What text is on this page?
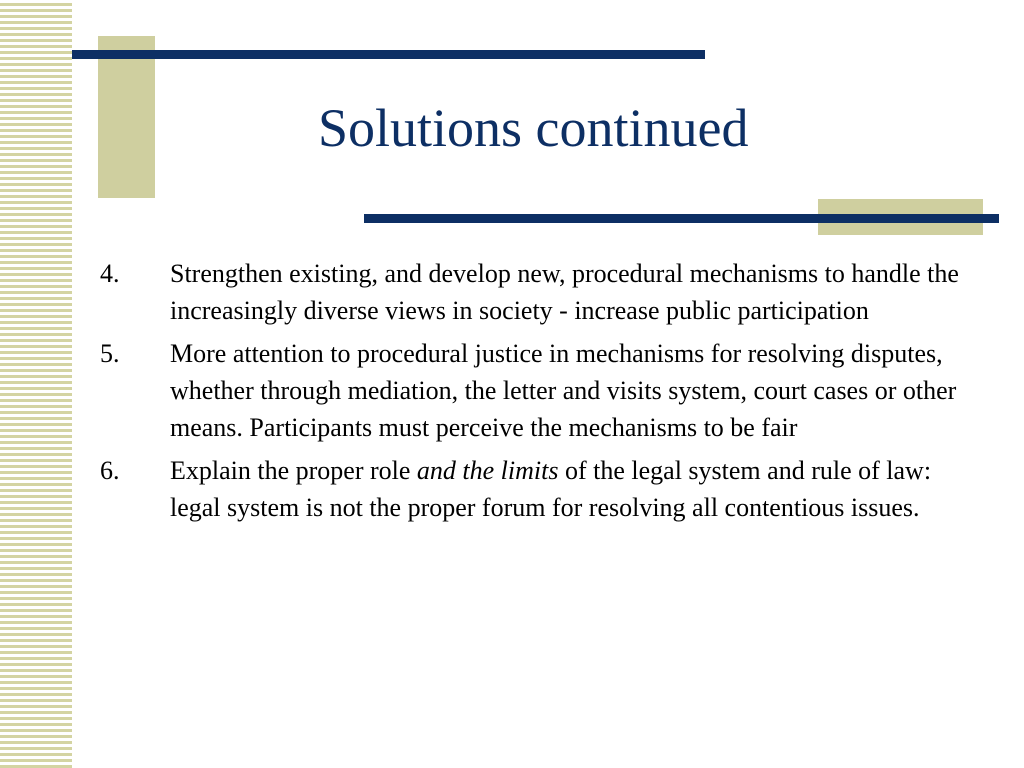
Solutions continued
4. Strengthen existing, and develop new, procedural mechanisms to handle the increasingly diverse views in society - increase public participation
5. More attention to procedural justice in mechanisms for resolving disputes, whether through mediation, the letter and visits system, court cases or other means. Participants must perceive the mechanisms to be fair
6. Explain the proper role and the limits of the legal system and rule of law: legal system is not the proper forum for resolving all contentious issues.
